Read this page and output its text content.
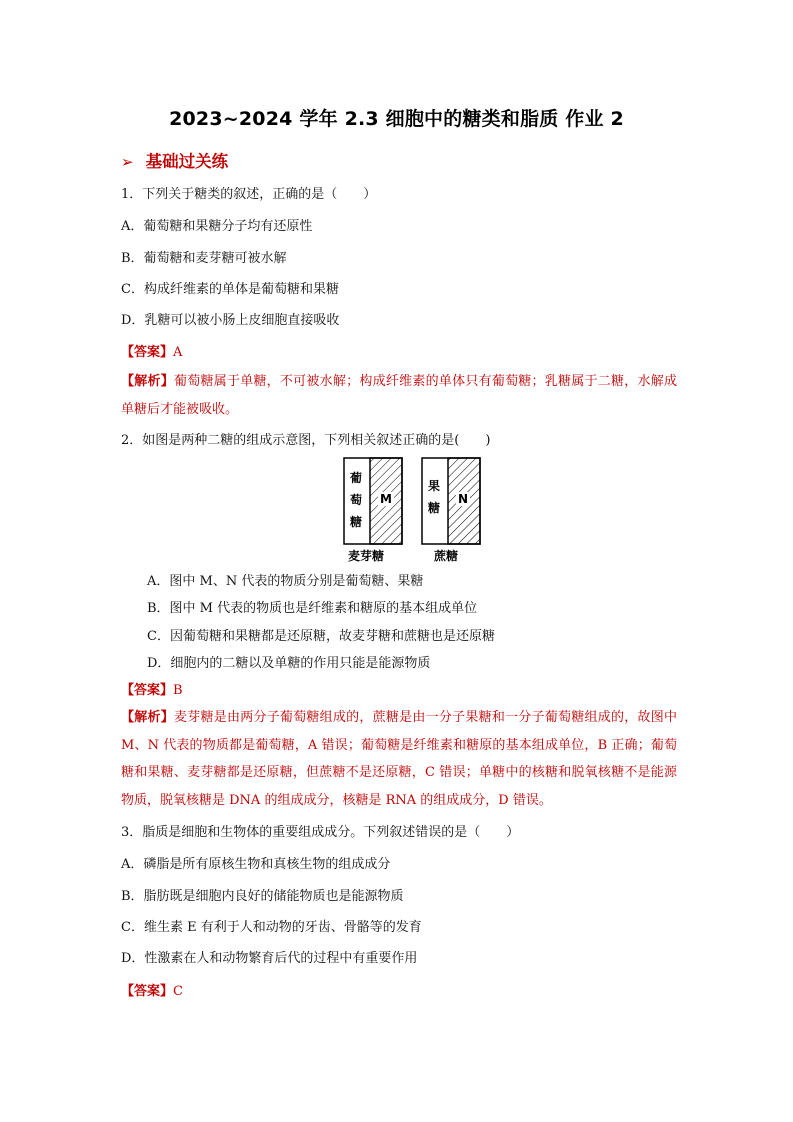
2023~2024 学年 2.3 细胞中的糖类和脂质 作业 2
➢ 基础过关练
1．下列关于糖类的叙述，正确的是（　　）
A．葡萄糖和果糖分子均有还原性
B．葡萄糖和麦芽糖可被水解
C．构成纤维素的单体是葡萄糖和果糖
D．乳糖可以被小肠上皮细胞直接吸收
【答案】A
【解析】葡萄糖属于单糖，不可被水解；构成纤维素的单体只有葡萄糖；乳糖属于二糖，水解成单糖后才能被吸收。
2．如图是两种二糖的组成示意图，下列相关叙述正确的是(　　)
葡
萄
糖
M
麦芽糖
果
糖
N
蔗糖
A．图中 M、N 代表的物质分别是葡萄糖、果糖
B．图中 M 代表的物质也是纤维素和糖原的基本组成单位
C．因葡萄糖和果糖都是还原糖，故麦芽糖和蔗糖也是还原糖
D．细胞内的二糖以及单糖的作用只能是能源物质
【答案】B
【解析】麦芽糖是由两分子葡萄糖组成的，蔗糖是由一分子果糖和一分子葡萄糖组成的，故图中 M、N 代表的物质都是葡萄糖，A 错误；葡萄糖是纤维素和糖原的基本组成单位，B 正确；葡萄糖和果糖、麦芽糖都是还原糖，但蔗糖不是还原糖，C 错误；单糖中的核糖和脱氧核糖不是能源物质，脱氧核糖是 DNA 的组成成分，核糖是 RNA 的组成成分，D 错误。
3．脂质是细胞和生物体的重要组成成分。下列叙述错误的是（　　）
A．磷脂是所有原核生物和真核生物的组成成分
B．脂肪既是细胞内良好的储能物质也是能源物质
C．维生素 E 有利于人和动物的牙齿、骨骼等的发育
D．性激素在人和动物繁育后代的过程中有重要作用
【答案】C
